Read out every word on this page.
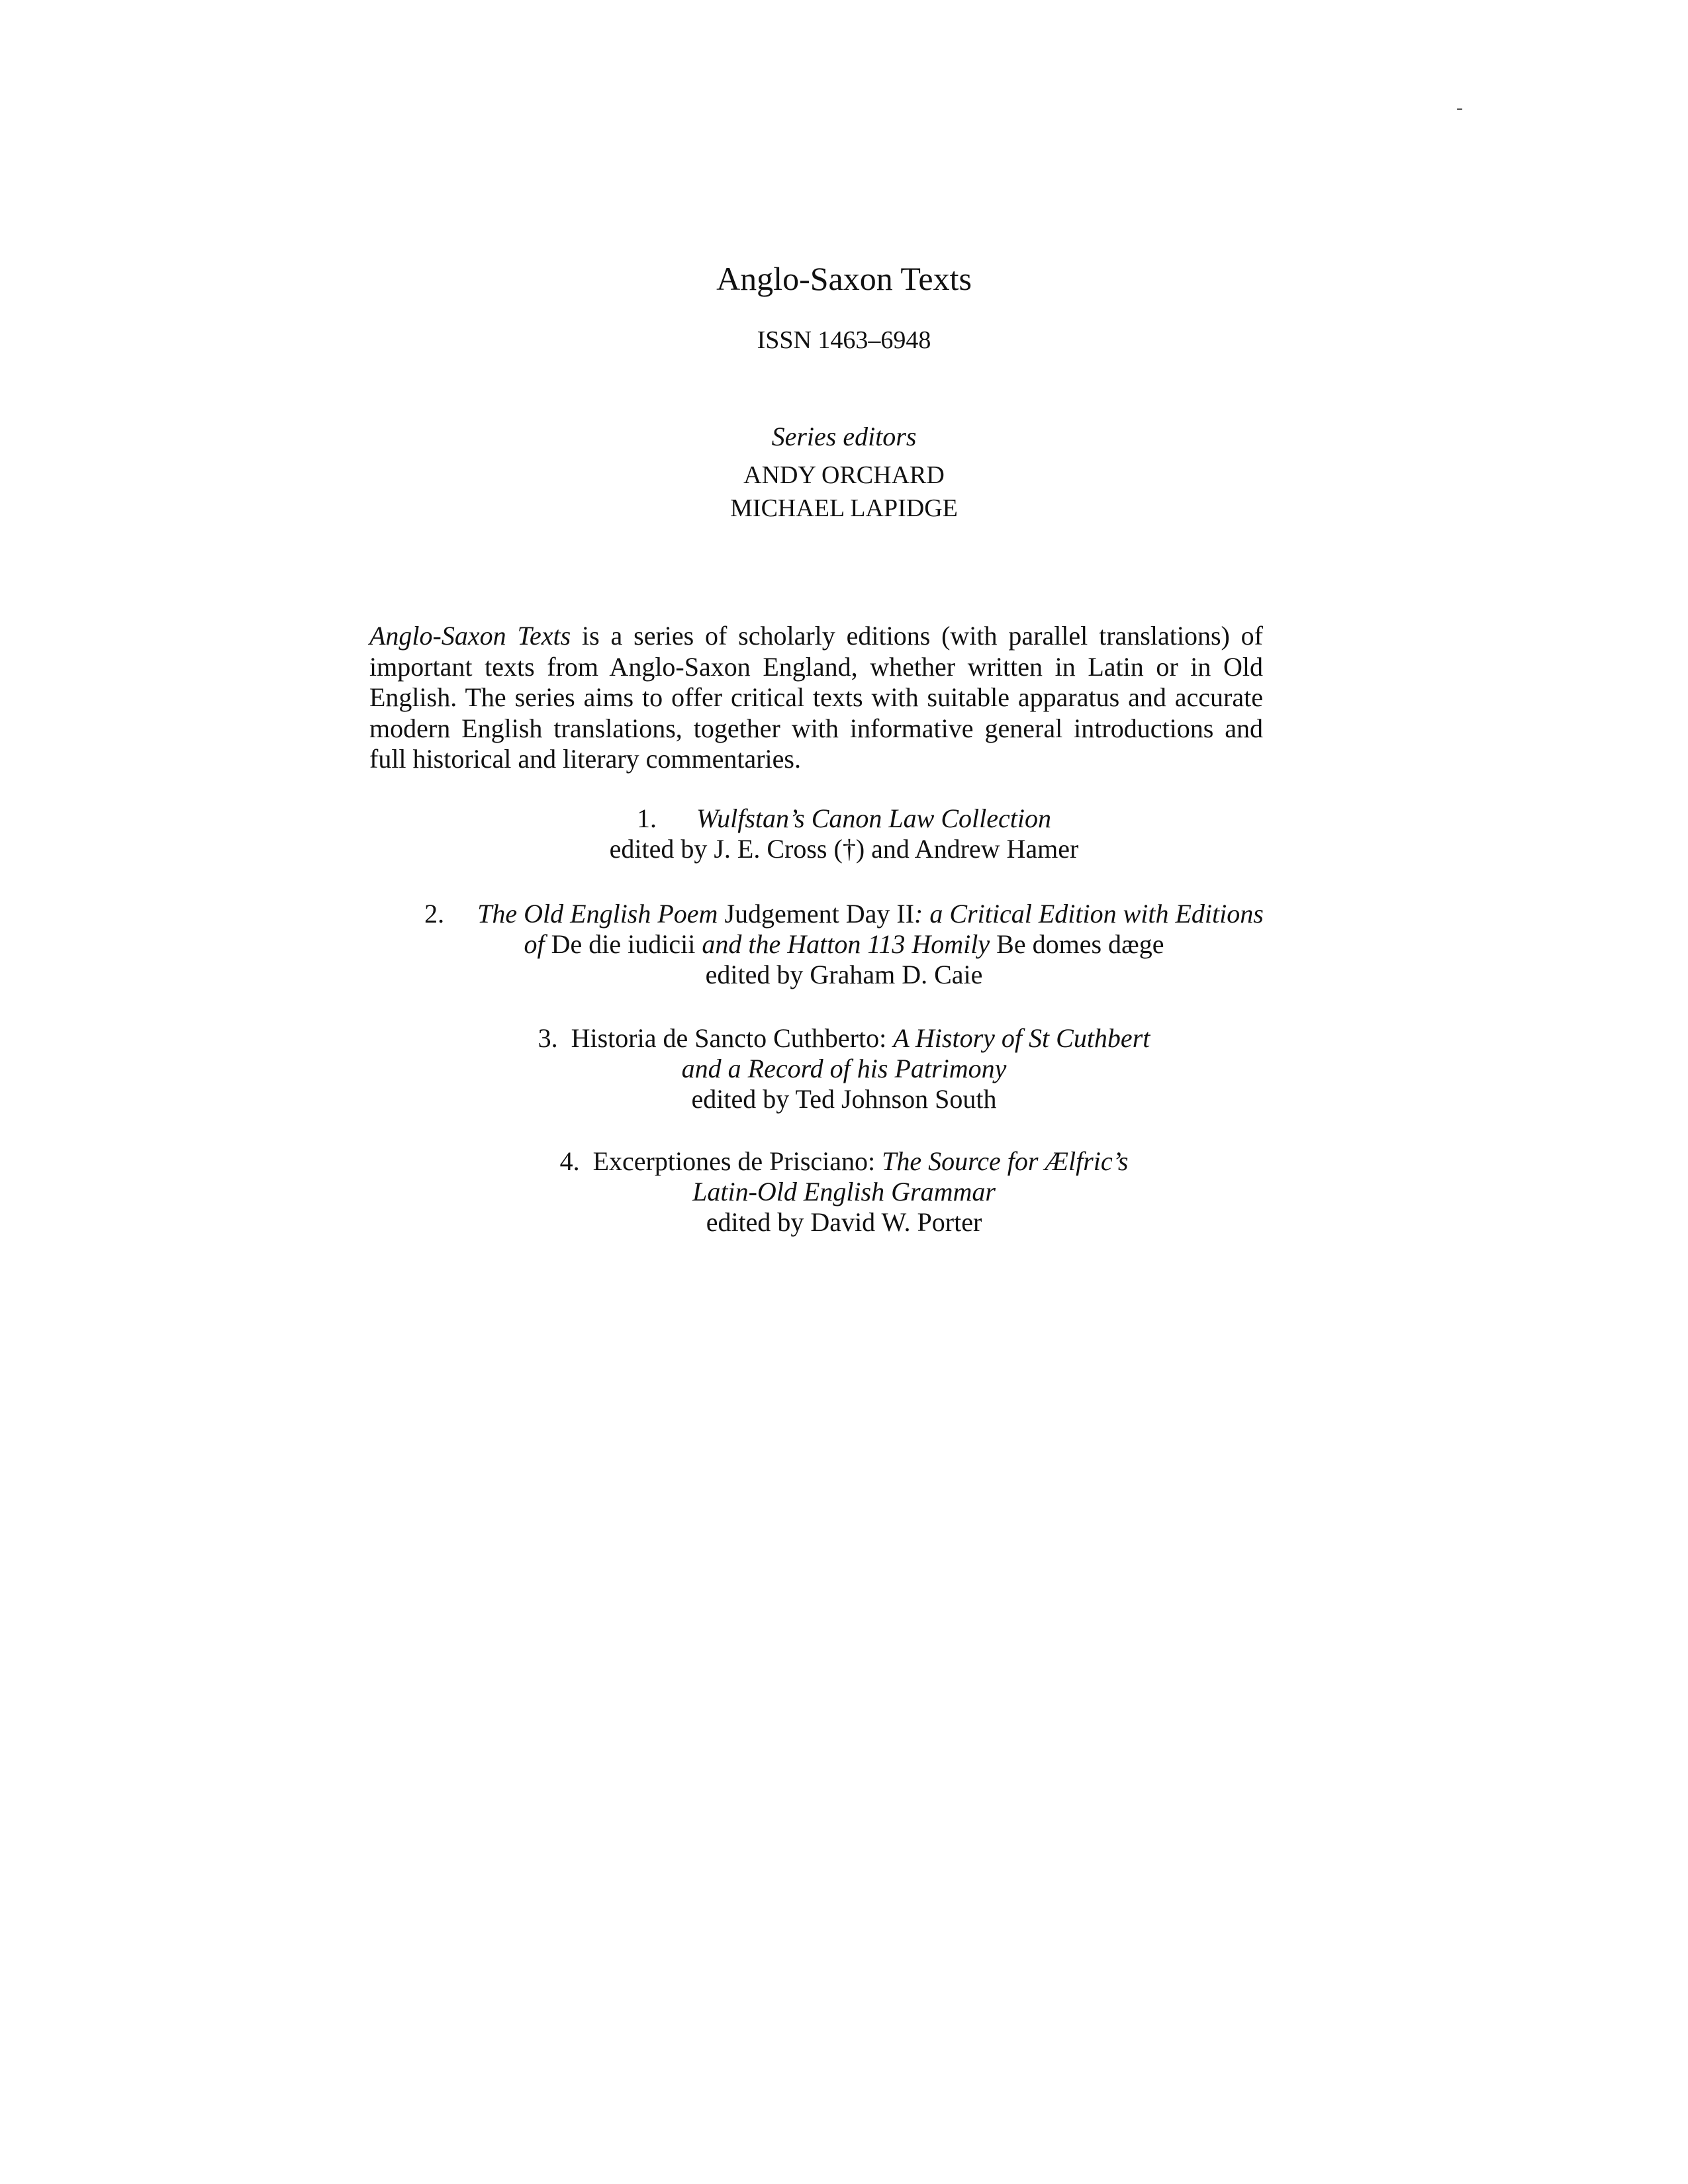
-
Anglo-Saxon Texts
ISSN 1463–6948
Series editors
ANDY ORCHARD
MICHAEL LAPIDGE
Anglo-Saxon Texts is a series of scholarly editions (with parallel translations) of important texts from Anglo-Saxon England, whether written in Latin or in Old English. The series aims to offer critical texts with suitable apparatus and accurate modern English translations, together with informative general introductions and full historical and literary commentaries.
1. Wulfstan’s Canon Law Collection
edited by J. E. Cross (†) and Andrew Hamer
2. The Old English Poem Judgement Day II: a Critical Edition with Editions
of De die iudicii and the Hatton 113 Homily Be domes dæge
edited by Graham D. Caie
3. Historia de Sancto Cuthberto: A History of St Cuthbert
and a Record of his Patrimony
edited by Ted Johnson South
4. Excerptiones de Prisciano: The Source for Ælfric’s
Latin-Old English Grammar
edited by David W. Porter
